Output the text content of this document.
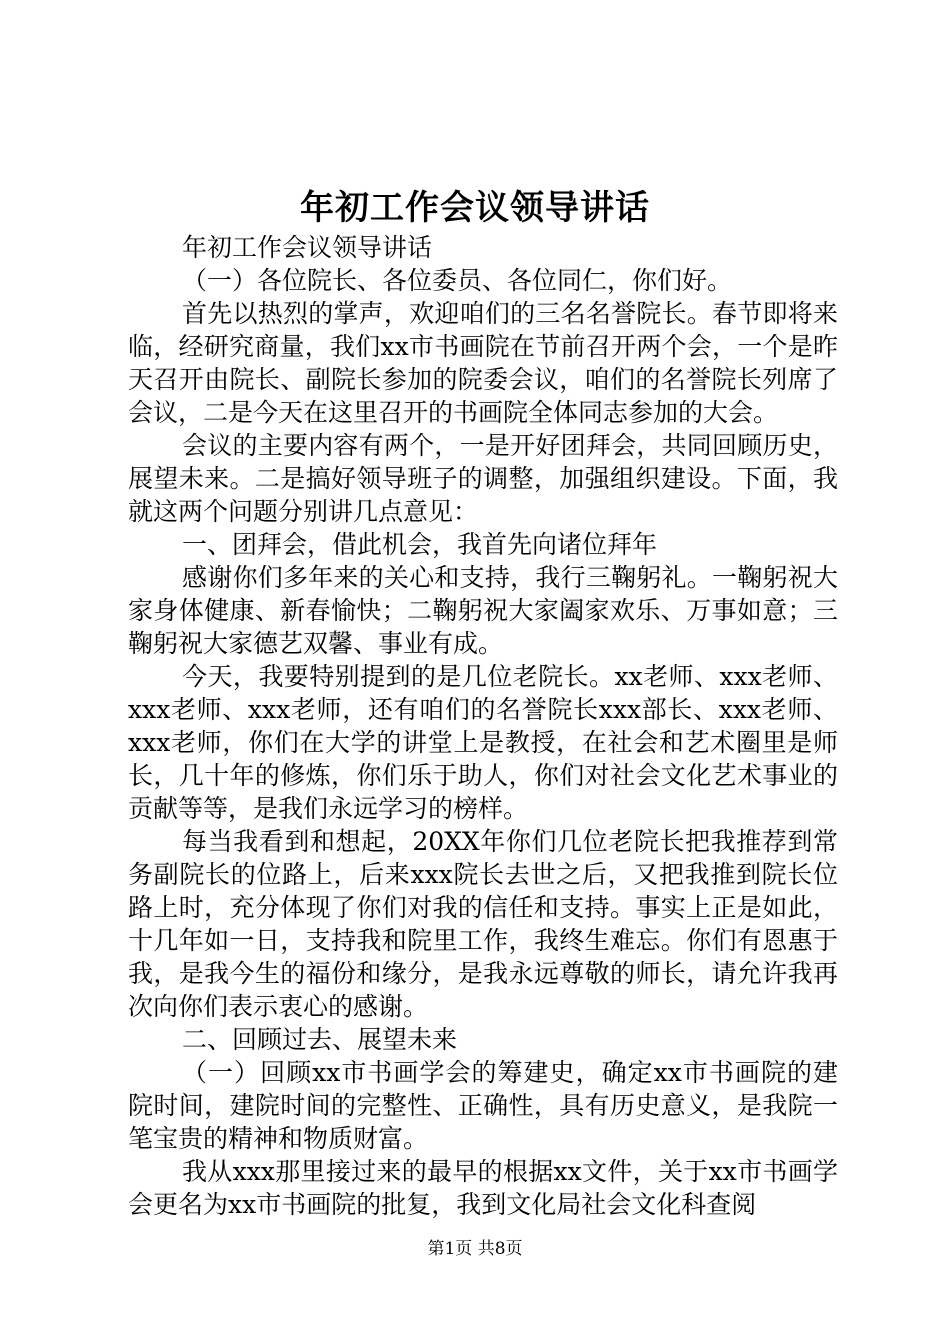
年初工作会议领导讲话

年初工作会议领导讲话

（一）各位院长、各位委员、各位同仁，你们好。

首先以热烈的掌声，欢迎咱们的三名名誉院长。春节即将来临，经研究商量，我们xx市书画院在节前召开两个会，一个是昨天召开由院长、副院长参加的院委会议，咱们的名誉院长列席了会议，二是今天在这里召开的书画院全体同志参加的大会。

会议的主要内容有两个，一是开好团拜会，共同回顾历史，展望未来。二是搞好领导班子的调整，加强组织建设。下面，我就这两个问题分别讲几点意见：

一、团拜会，借此机会，我首先向诸位拜年

感谢你们多年来的关心和支持，我行三鞠躬礼。一鞠躬祝大家身体健康、新春愉快；二鞠躬祝大家阖家欢乐、万事如意；三鞠躬祝大家德艺双馨、事业有成。

今天，我要特别提到的是几位老院长。xx老师、xxx老师、xxx老师、xxx老师，还有咱们的名誉院长xxx部长、xxx老师、xxx老师，你们在大学的讲堂上是教授，在社会和艺术圈里是师长，几十年的修炼，你们乐于助人，你们对社会文化艺术事业的贡献等等，是我们永远学习的榜样。

每当我看到和想起，20XX年你们几位老院长把我推荐到常务副院长的位路上，后来xxx院长去世之后，又把我推到院长位路上时，充分体现了你们对我的信任和支持。事实上正是如此，十几年如一日，支持我和院里工作，我终生难忘。你们有恩惠于我，是我今生的福份和缘分，是我永远尊敬的师长，请允许我再次向你们表示衷心的感谢。

二、回顾过去、展望未来

（一）回顾xx市书画学会的筹建史，确定xx市书画院的建院时间，建院时间的完整性、正确性，具有历史意义，是我院一笔宝贵的精神和物质财富。

我从xxx那里接过来的最早的根据xx文件，关于xx市书画学会更名为xx市书画院的批复，我到文化局社会文化科查阅

第1页 共8页
